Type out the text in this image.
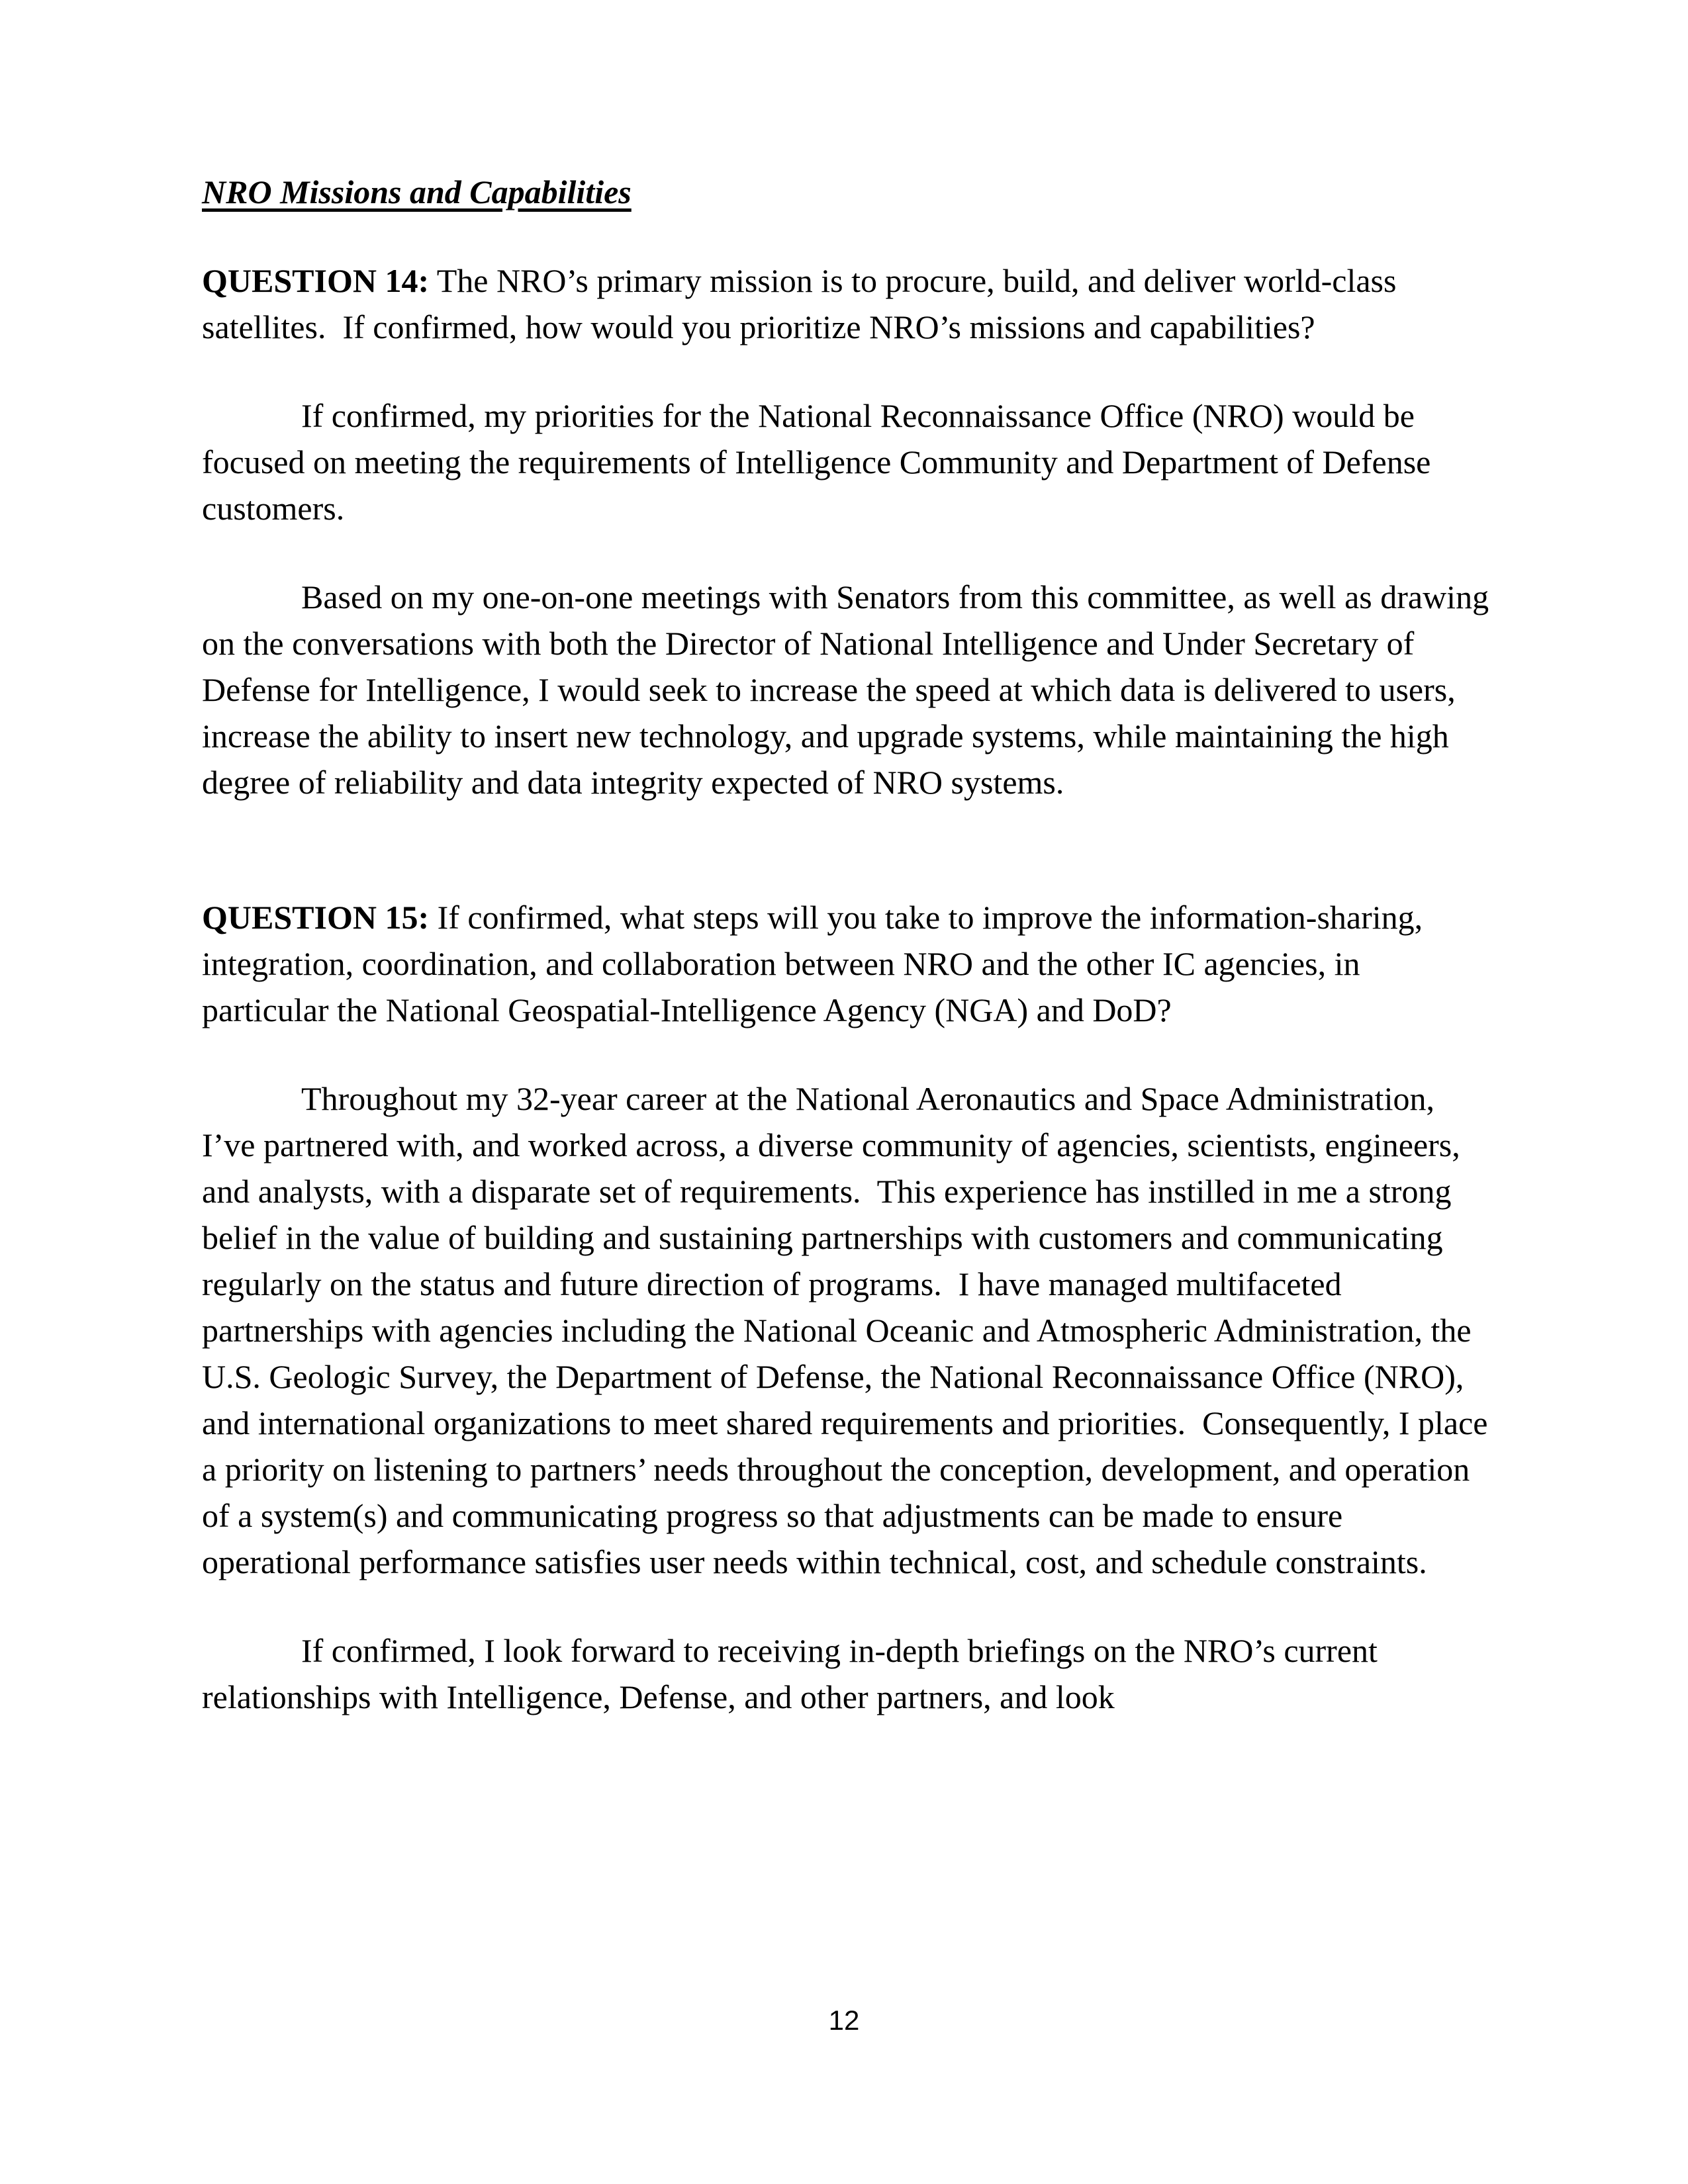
NRO Missions and Capabilities

QUESTION 14: The NRO’s primary mission is to procure, build, and deliver world-class satellites.  If confirmed, how would you prioritize NRO’s missions and capabilities?

If confirmed, my priorities for the National Reconnaissance Office (NRO) would be focused on meeting the requirements of Intelligence Community and Department of Defense customers.

Based on my one-on-one meetings with Senators from this committee, as well as drawing on the conversations with both the Director of National Intelligence and Under Secretary of Defense for Intelligence, I would seek to increase the speed at which data is delivered to users, increase the ability to insert new technology, and upgrade systems, while maintaining the high degree of reliability and data integrity expected of NRO systems.

QUESTION 15: If confirmed, what steps will you take to improve the information-sharing, integration, coordination, and collaboration between NRO and the other IC agencies, in particular the National Geospatial-Intelligence Agency (NGA) and DoD?

Throughout my 32-year career at the National Aeronautics and Space Administration, I’ve partnered with, and worked across, a diverse community of agencies, scientists, engineers, and analysts, with a disparate set of requirements.  This experience has instilled in me a strong belief in the value of building and sustaining partnerships with customers and communicating regularly on the status and future direction of programs.  I have managed multifaceted partnerships with agencies including the National Oceanic and Atmospheric Administration, the U.S. Geologic Survey, the Department of Defense, the National Reconnaissance Office (NRO), and international organizations to meet shared requirements and priorities.  Consequently, I place a priority on listening to partners’ needs throughout the conception, development, and operation of a system(s) and communicating progress so that adjustments can be made to ensure operational performance satisfies user needs within technical, cost, and schedule constraints.

If confirmed, I look forward to receiving in-depth briefings on the NRO’s current relationships with Intelligence, Defense, and other partners, and look

12
